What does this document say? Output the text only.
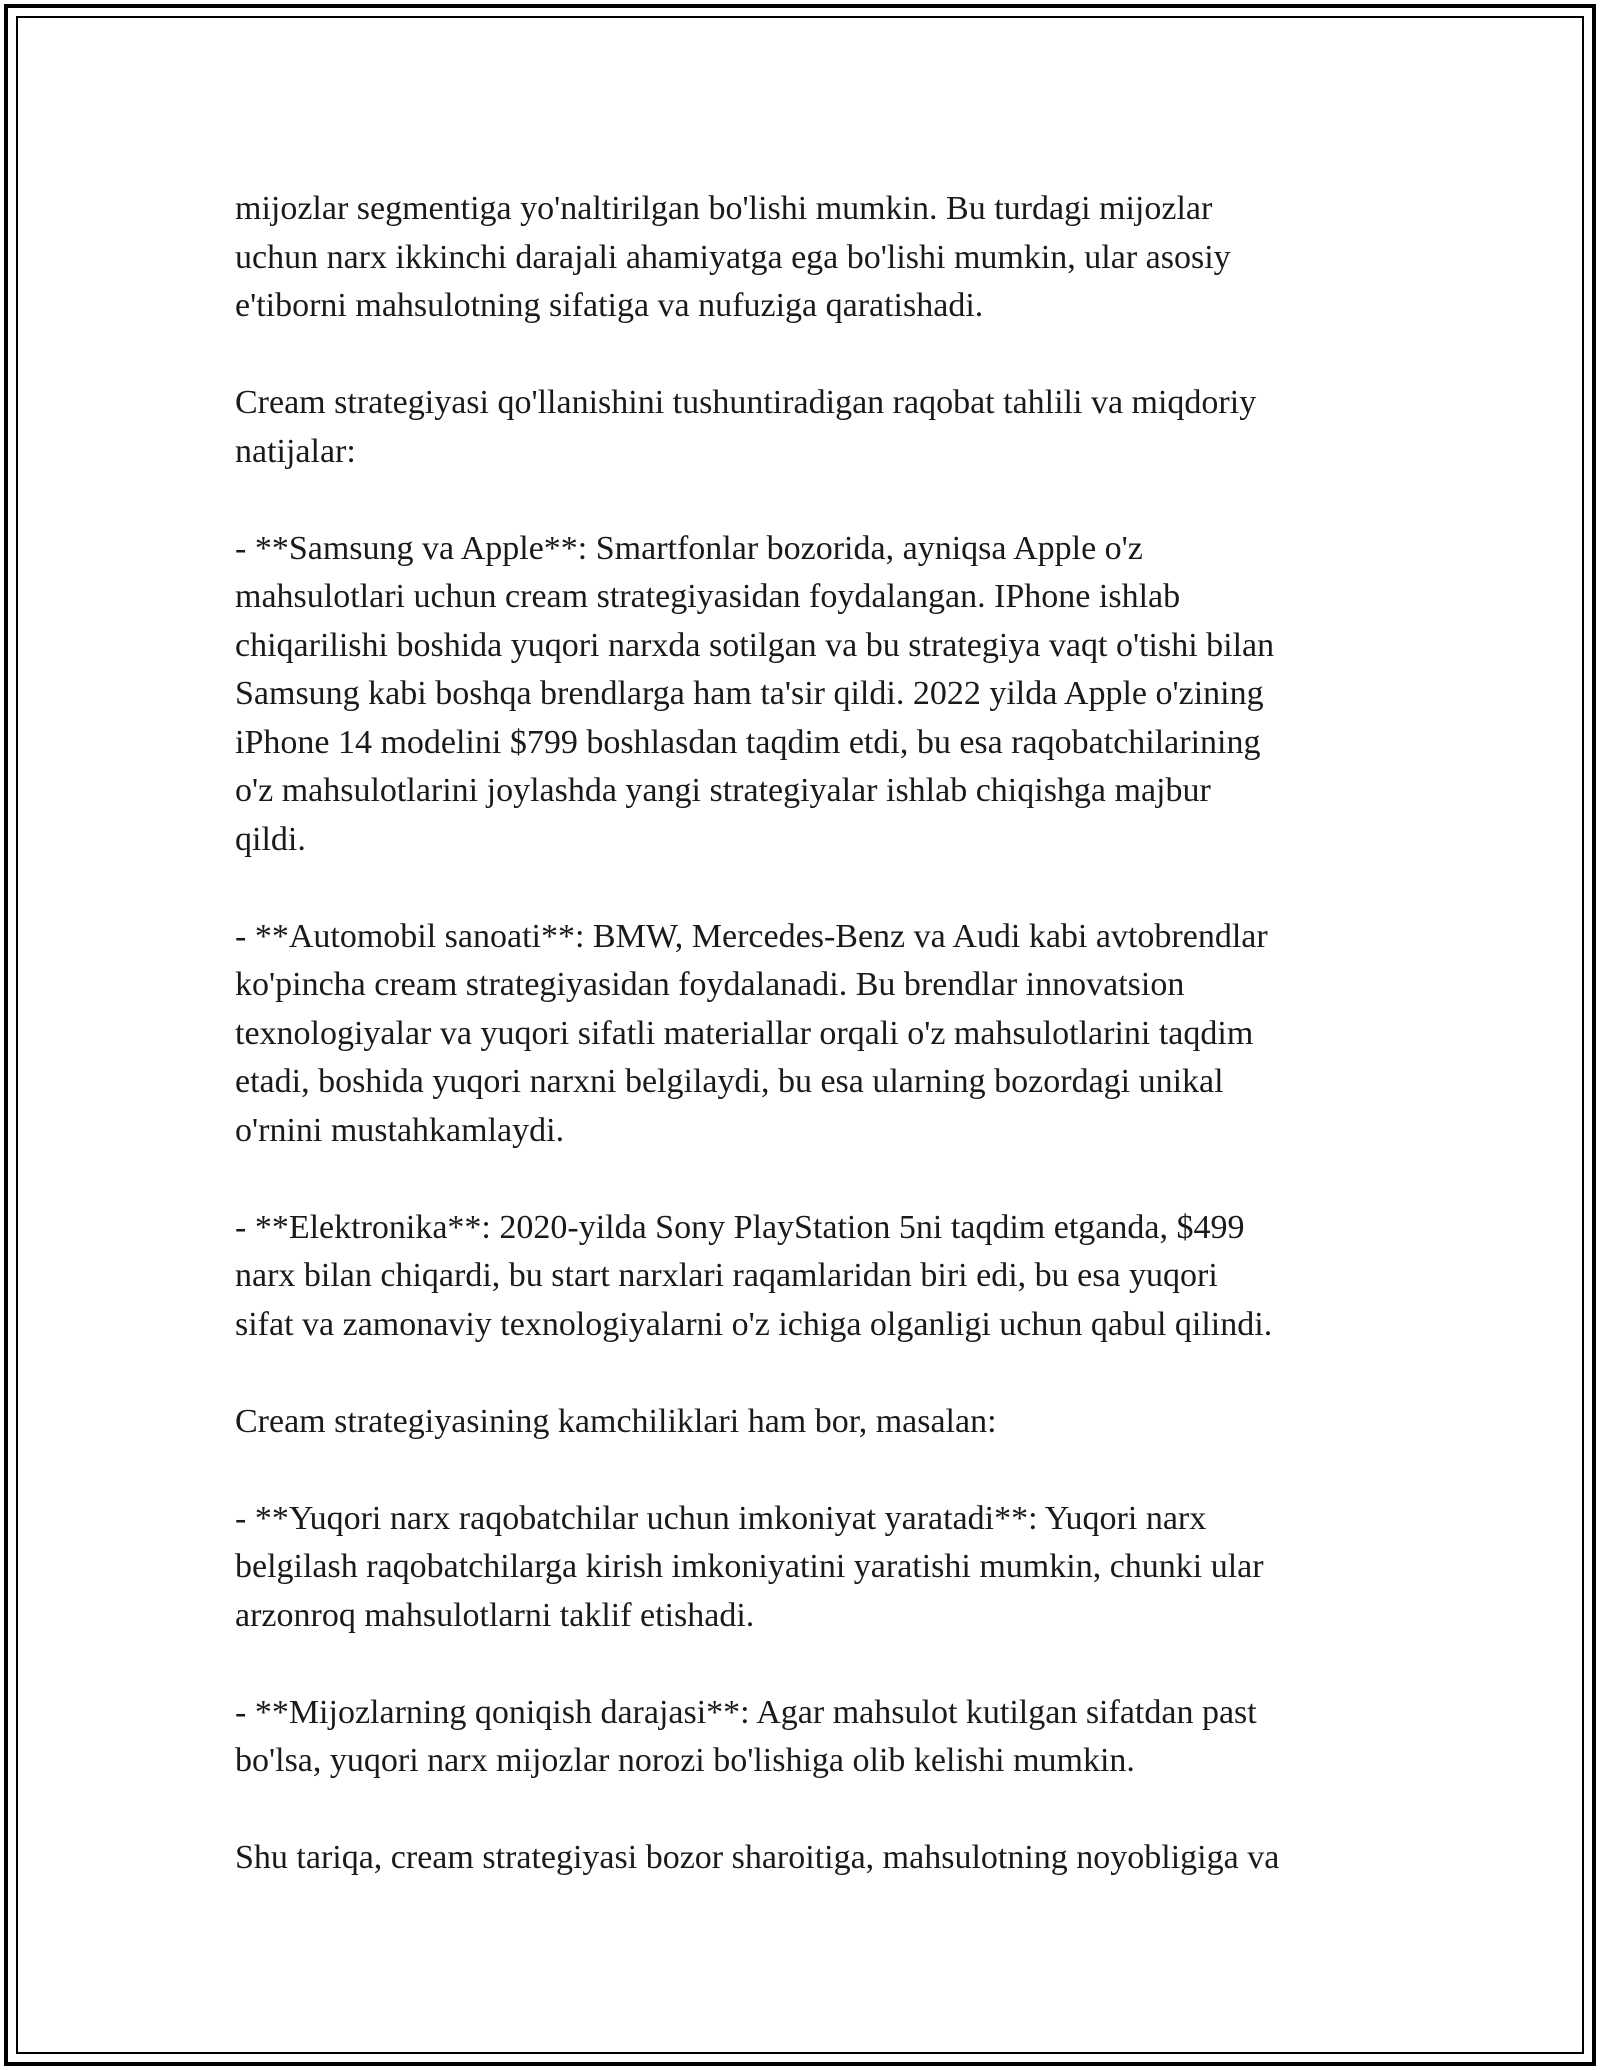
mijozlar segmentiga yo'naltirilgan bo'lishi mumkin. Bu turdagi mijozlar
uchun narx ikkinchi darajali ahamiyatga ega bo'lishi mumkin, ular asosiy
e'tiborni mahsulotning sifatiga va nufuziga qaratishadi.

Cream strategiyasi qo'llanishini tushuntiradigan raqobat tahlili va miqdoriy
natijalar:

- **Samsung va Apple**: Smartfonlar bozorida, ayniqsa Apple o'z
mahsulotlari uchun cream strategiyasidan foydalangan. IPhone ishlab
chiqarilishi boshida yuqori narxda sotilgan va bu strategiya vaqt o'tishi bilan
Samsung kabi boshqa brendlarga ham ta'sir qildi. 2022 yilda Apple o'zining
iPhone 14 modelini $799 boshlasdan taqdim etdi, bu esa raqobatchilarining
o'z mahsulotlarini joylashda yangi strategiyalar ishlab chiqishga majbur
qildi.

- **Automobil sanoati**: BMW, Mercedes-Benz va Audi kabi avtobrendlar
ko'pincha cream strategiyasidan foydalanadi. Bu brendlar innovatsion
texnologiyalar va yuqori sifatli materiallar orqali o'z mahsulotlarini taqdim
etadi, boshida yuqori narxni belgilaydi, bu esa ularning bozordagi unikal
o'rnini mustahkamlaydi.

- **Elektronika**: 2020-yilda Sony PlayStation 5ni taqdim etganda, $499
narx bilan chiqardi, bu start narxlari raqamlaridan biri edi, bu esa yuqori
sifat va zamonaviy texnologiyalarni o'z ichiga olganligi uchun qabul qilindi.

Cream strategiyasining kamchiliklari ham bor, masalan:

- **Yuqori narx raqobatchilar uchun imkoniyat yaratadi**: Yuqori narx
belgilash raqobatchilarga kirish imkoniyatini yaratishi mumkin, chunki ular
arzonroq mahsulotlarni taklif etishadi.

- **Mijozlarning qoniqish darajasi**: Agar mahsulot kutilgan sifatdan past
bo'lsa, yuqori narx mijozlar norozi bo'lishiga olib kelishi mumkin.

Shu tariqa, cream strategiyasi bozor sharoitiga, mahsulotning noyobligiga va
